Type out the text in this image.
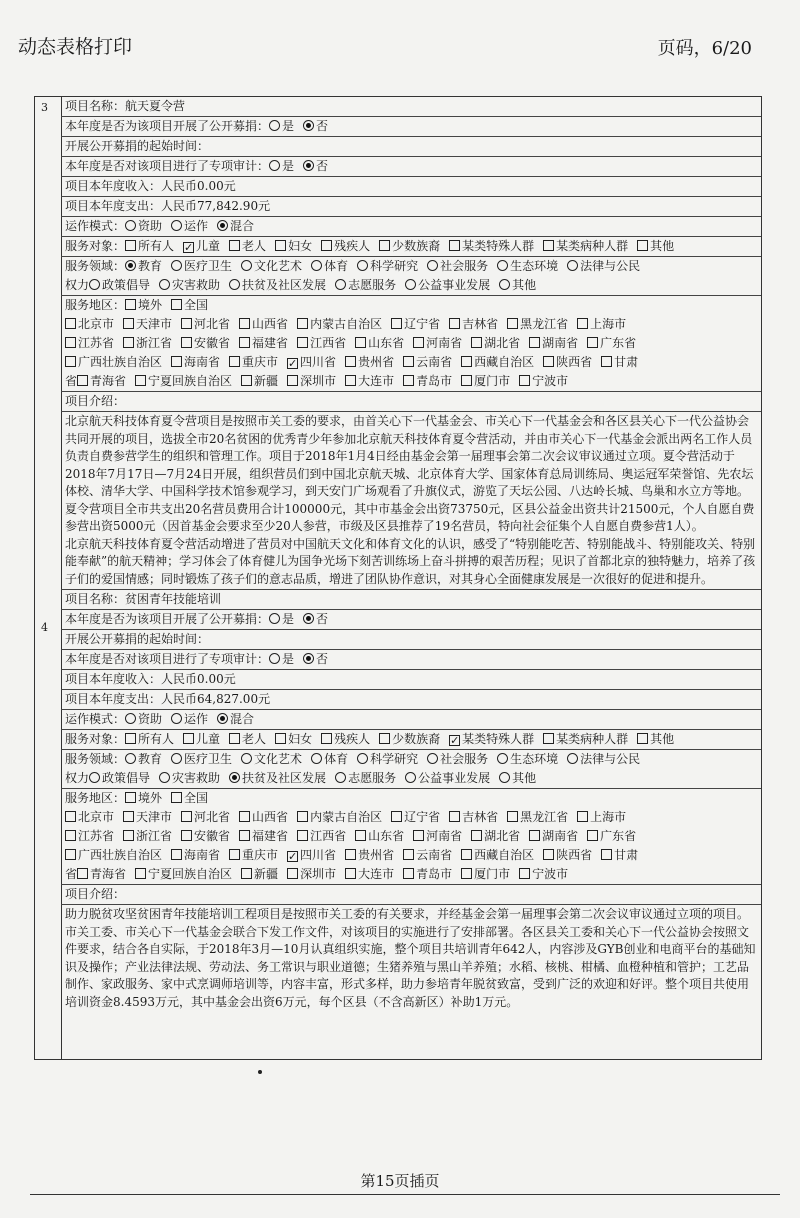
动态表格打印	页码，6/20
3
4
项目名称：航天夏令营
本年度是否为该项目开展了公开募捐： 是 否
开展公开募捐的起始时间：
本年度是否对该项目进行了专项审计： 是 否
项目本年度收入：人民币0.00元
项目本年度支出：人民币77,842.90元
运作模式： 资助 运作 混合
服务对象： 所有人 ✓ 儿童 老人 妇女 残疾人 少数族裔 某类特殊人群 某类病种人群 其他
服务领域： 教育 医疗卫生 文化艺术 体育 科学研究 社会服务 生态环境 法律与公民
权力 政策倡导 灾害救助 扶贫及社区发展 志愿服务 公益事业发展 其他
服务地区： 境外 全国
北京市 天津市 河北省 山西省 内蒙古自治区 辽宁省 吉林省 黑龙江省 上海市
江苏省 浙江省 安徽省 福建省 江西省 山东省 河南省 湖北省 湖南省 广东省
广西壮族自治区 海南省 重庆市 ✓ 四川省 贵州省 云南省 西藏自治区 陕西省 甘肃
省 青海省 宁夏回族自治区 新疆 深圳市 大连市 青岛市 厦门市 宁波市
项目介绍：
北京航天科技体育夏令营项目是按照市关工委的要求，由首关心下一代基金会、市关心下一代基金会和各区县关心下一代公益协会共同开展的项目，选拔全市20名贫困的优秀青少年参加北京航天科技体育夏令营活动，并由市关心下一代基金会派出两名工作人员负责自费参营学生的组织和管理工作。项目于2018年1月4日经由基金会第一届理事会第二次会议审议通过立项。夏令营活动于2018年7月17日—7月24日开展，组织营员们到中国北京航天城、北京体育大学、国家体育总局训练局、奥运冠军荣誉馆、先农坛体校、清华大学、中国科学技术馆参观学习，到天安门广场观看了升旗仪式，游览了天坛公园、八达岭长城、鸟巢和水立方等地。夏令营项目全市共支出20名营员费用合计100000元，其中市基金会出资73750元，区县公益金出资共计21500元，个人自愿自费参营出资5000元（因首基金会要求至少20人参营，市级及区县推荐了19名营员，特向社会征集个人自愿自费参营1人）。
北京航天科技体育夏令营活动增进了营员对中国航天文化和体育文化的认识，感受了“特别能吃苦、特别能战斗、特别能攻关、特别能奉献”的航天精神；学习体会了体育健儿为国争光场下刻苦训练场上奋斗拼搏的艰苦历程；见识了首都北京的独特魅力，培养了孩子们的爱国情感；同时锻炼了孩子们的意志品质，增进了团队协作意识，对其身心全面健康发展是一次很好的促进和提升。
项目名称：贫困青年技能培训
本年度是否为该项目开展了公开募捐： 是 否
开展公开募捐的起始时间：
本年度是否对该项目进行了专项审计： 是 否
项目本年度收入：人民币0.00元
项目本年度支出：人民币64,827.00元
运作模式： 资助 运作 混合
服务对象： 所有人 儿童 老人 妇女 残疾人 少数族裔 ✓ 某类特殊人群 某类病种人群 其他
服务领域： 教育 医疗卫生 文化艺术 体育 科学研究 社会服务 生态环境 法律与公民
权力 政策倡导 灾害救助 扶贫及社区发展 志愿服务 公益事业发展 其他
服务地区： 境外 全国
北京市 天津市 河北省 山西省 内蒙古自治区 辽宁省 吉林省 黑龙江省 上海市
江苏省 浙江省 安徽省 福建省 江西省 山东省 河南省 湖北省 湖南省 广东省
广西壮族自治区 海南省 重庆市 ✓ 四川省 贵州省 云南省 西藏自治区 陕西省 甘肃
省 青海省 宁夏回族自治区 新疆 深圳市 大连市 青岛市 厦门市 宁波市
项目介绍：
助力脱贫攻坚贫困青年技能培训工程项目是按照市关工委的有关要求，并经基金会第一届理事会第二次会议审议通过立项的项目。市关工委、市关心下一代基金会联合下发工作文件，对该项目的实施进行了安排部署。各区县关工委和关心下一代公益协会按照文件要求，结合各自实际，于2018年3月—10月认真组织实施，整个项目共培训青年642人，内容涉及GYB创业和电商平台的基础知识及操作；产业法律法规、劳动法、务工常识与职业道德；生猪养殖与黑山羊养殖；水稻、核桃、柑橘、血橙种植和管护；工艺品制作、家政服务、家中式烹调师培训等，内容丰富，形式多样，助力参培青年脱贫致富，受到广泛的欢迎和好评。整个项目共使用培训资金8.4593万元，其中基金会出资6万元，每个区县（不含高新区）补助1万元。
第15页插页
